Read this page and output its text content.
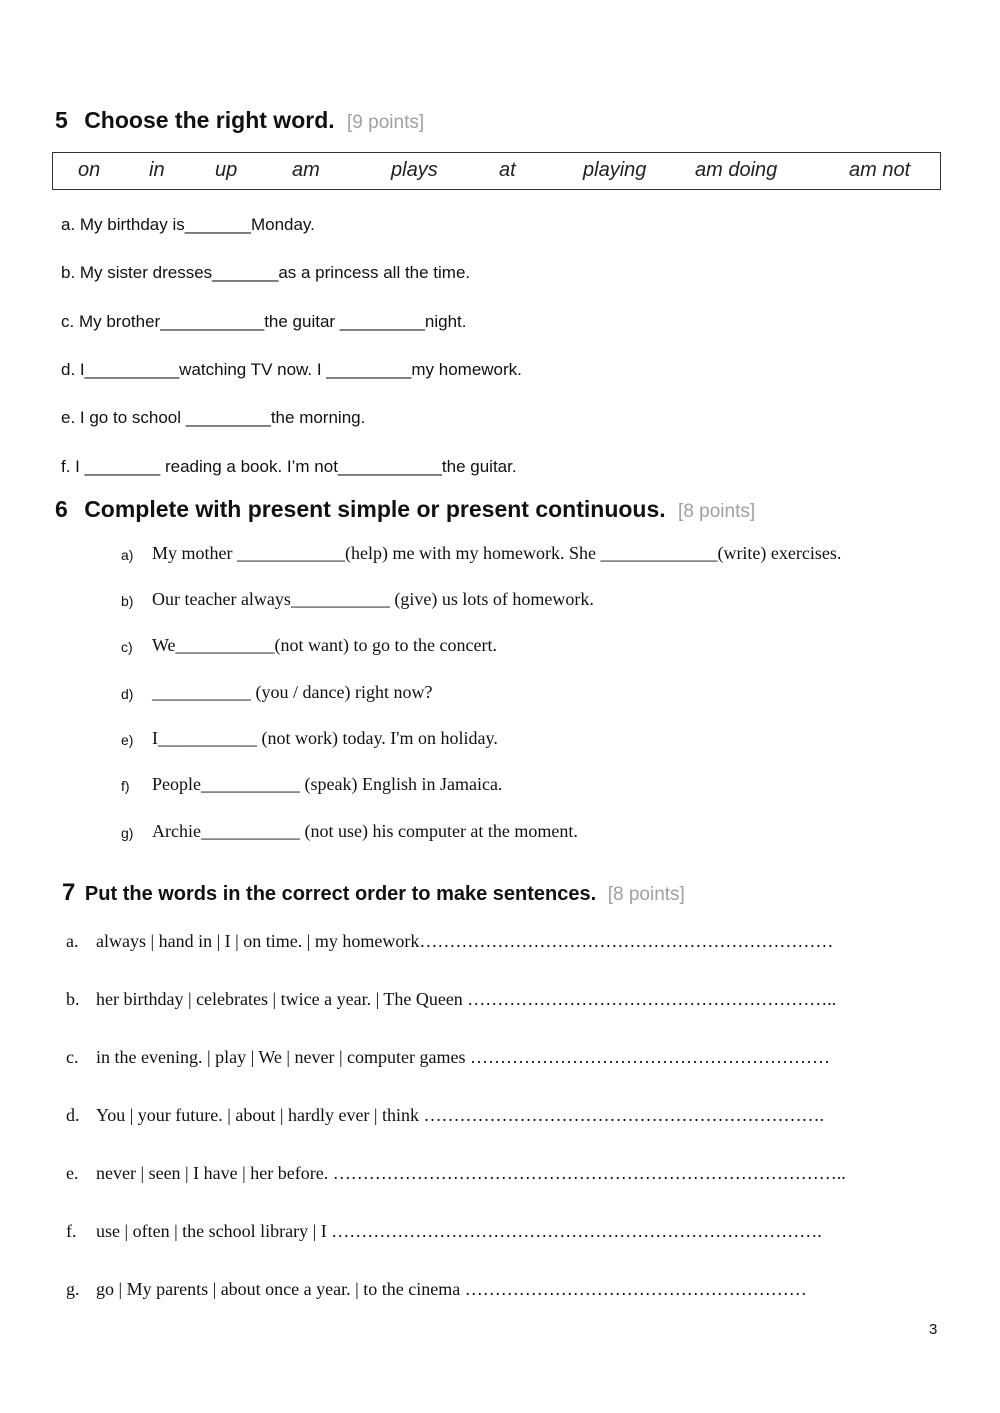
5 Choose the right word. [9 points]
on in	up	am	plays	at	playing am doing	am not
a. My birthday is_______Monday.
b. My sister dresses_______as a princess all the time.
c. My brother___________the guitar _________night.
d. I__________watching TV now. I _________my homework.
e. I go to school _________the morning.
f. I ________ reading a book. I’m not___________the guitar.
6 Complete with present simple or present continuous. [8 points]
a) My mother ____________(help) me with my homework. She _____________(write) exercises.
b) Our teacher always___________ (give) us lots of homework.
c) We___________(not want) to go to the concert.
d) ___________ (you / dance) right now?
e) I___________ (not work) today. I'm on holiday.
f) People___________ (speak) English in Jamaica.
g) Archie___________ (not use) his computer at the moment.
7 Put the words in the correct order to make sentences. [8 points]
a. always | hand in | I | on time. | my homework……………………………………………………………
b. her birthday | celebrates | twice a year. | The Queen ……………………………………………………..
c. in the evening. | play | We | never | computer games ……………………………………………………
d. You | your future. | about | hardly ever | think ………………………………………………………….
e. never | seen | I have | her before. …………………………………………………………………………..
f. use | often | the school library | I ……………………………………………………………………….
g. go | My parents | about once a year. | to the cinema …………………………………………………
3
